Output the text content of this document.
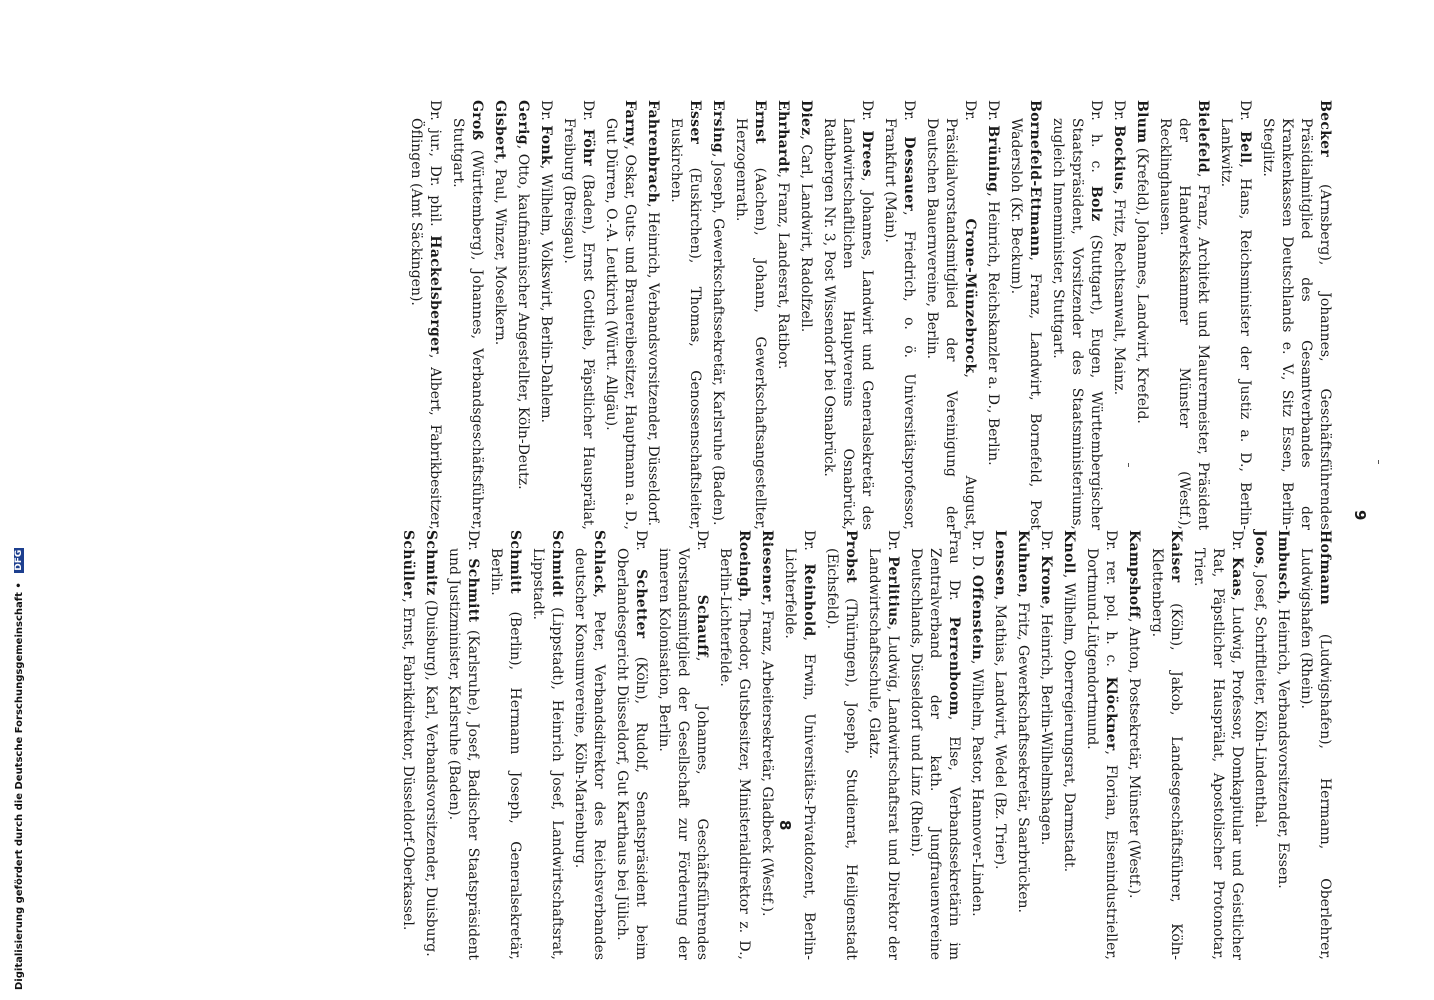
9

Becker (Arnsberg), Johannes, Geschäftsführendes Präsidialmitglied des Gesamtverbandes der Krankenkassen Deutschlands e. V., Sitz Essen, Berlin-Steglitz.

Dr. Bell, Hans, Reichsminister der Justiz a. D., Berlin-Lankwitz.

Bielefeld, Franz, Architekt und Maurermeister, Präsident der Handwerkskammer Münster (Westf.), Recklinghausen.

Blum (Krefeld), Johannes, Landwirt, Krefeld.

Dr. Bockius, Fritz, Rechtsanwalt, Mainz.

Dr. h. c. Bolz (Stuttgart), Eugen, Württembergischer Staatspräsident, Vorsitzender des Staatsministeriums, zugleich Innenminister, Stuttgart.

Bornefeld-Ettmann, Franz, Landwirt, Bornefeld, Post Wadersloh (Kr. Beckum).

Dr. Brüning, Heinrich, Reichskanzler a. D., Berlin.

Dr. Crone-Münzebrock, August, Präsidialvorstandsmitglied der Vereinigung der Deutschen Bauernvereine, Berlin.

Dr. Dessauer, Friedrich, o. ö. Universitätsprofessor, Frankfurt (Main).

Dr. Drees, Johannes, Landwirt und Generalsekretär des Landwirtschaftlichen Hauptvereins Osnabrück, Rathbergen Nr. 3, Post Wissendorf bei Osnabrück.

Diez, Carl, Landwirt, Radolfzell.

Ehrhardt, Franz, Landesrat, Ratibor.

Ernst (Aachen), Johann, Gewerkschaftsangestellter, Herzogenrath.

Ersing, Joseph, Gewerkschaftssekretär, Karlsruhe (Baden).

Esser (Euskirchen), Thomas, Genossenschaftsleiter, Euskirchen.

Fahrenbrach, Heinrich, Verbandsvorsitzender, Düsseldorf.

Farny, Oskar, Guts- und Brauereibesitzer, Hauptmann a. D., Gut Dürren, O.-A. Leutkirch (Württ. Allgäu).

Dr. Föhr (Baden), Ernst Gottlieb, Päpstlicher Hausprälat, Freiburg (Breisgau).

Dr. Fonk, Wilhelm, Volkswirt, Berlin-Dahlem.

Gerig, Otto, kaufmännischer Angestellter, Köln-Deutz.

Gisbert, Paul, Winzer, Moselkern.

Groß (Württemberg), Johannes, Verbandsgeschäftsführer, Stuttgart.

Dr. jur., Dr. phil. Hackelsberger, Albert, Fabrikbesitzer, Öflingen (Amt Säckingen).

Hofmann (Ludwigshafen), Hermann, Oberlehrer, Ludwigshafen (Rhein).

Imbusch, Heinrich, Verbandsvorsitzender, Essen.

Joos, Josef, Schriftleiter, Köln-Lindenthal.

Dr. Kaas, Ludwig, Professor, Domkapitular und Geistlicher Rat, Päpstlicher Hausprälat, Apostolischer Protonotar, Trier.

Kaiser (Köln), Jakob, Landesgeschäftsführer, Köln-Klettenberg.

Kampshoff, Anton, Postsekretär, Münster (Westf.).

Dr. rer. pol. h. c. Klöckner, Florian, Eisenindustrieller, Dortmund-Lütgendortmund.

Knoll, Wilhelm, Oberregierungsrat, Darmstadt.

Dr. Krone, Heinrich, Berlin-Wilhelmshagen.

Kuhnen, Fritz, Gewerkschaftssekretär, Saarbrücken.

Lenssen, Mathias, Landwirt, Wedel (Bz. Trier).

Dr. D. Offenstein, Wilhelm, Pastor, Hannover-Linden.

Frau Dr. Perrenboom, Else, Verbandssekretärin im Zentralverband der kath. Jungfrauenvereine Deutschlands, Düsseldorf und Linz (Rhein).

Dr. Perlitius, Ludwig, Landwirtschaftsrat und Direktor der Landwirtschaftsschule, Glatz.

Probst (Thüringen), Joseph, Studienrat, Heiligenstadt (Eichsfeld).

Dr. Reinhold, Erwin, Universitäts-Privatdozent, Berlin-Lichterfelde.

Riesener, Franz, Arbeitersekretär, Gladbeck (Westf.).

Roeingh, Theodor, Gutsbesitzer, Ministerialdirektor z. D., Berlin-Lichterfelde.

Dr. Schauff, Johannes, Geschäftsführendes Vorstandsmitglied der Gesellschaft zur Förderung der inneren Kolonisation, Berlin.

Dr. Schetter (Köln), Rudolf, Senatspräsident beim Oberlandesgericht Düsseldorf, Gut Karthaus bei Jülich.

Schlack, Peter, Verbandsdirektor des Reichsverbandes deutscher Konsumvereine, Köln-Marienburg.

Schmidt (Lippstadt), Heinrich Josef, Landwirtschaftsrat, Lippstadt.

Schmitt (Berlin), Hermann Joseph, Generalsekretär, Berlin.

Dr. Schmitt (Karlsruhe), Josef, Badischer Staatspräsident und Justizminister, Karlsruhe (Baden).

Schmitz (Duisburg), Karl, Verbandsvorsitzender, Duisburg.

Schüller, Ernst, Fabrikdirektor, Düsseldorf-Oberkassel.	8
Digitalisierung gefördert durch die Deutsche Forschungsgemeinschaft • DFG
